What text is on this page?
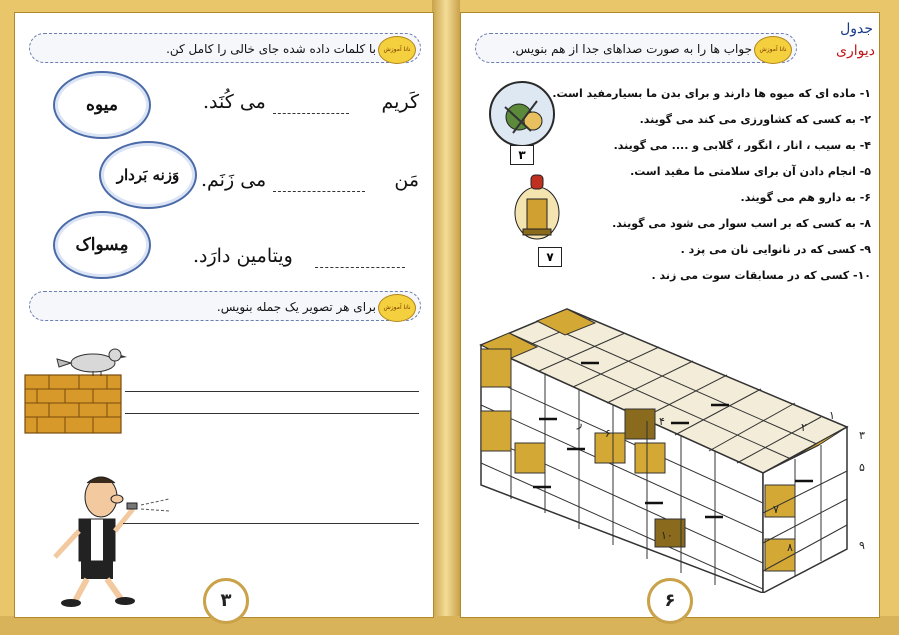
با کلمات داده شده جای خالی را کامل کن.	نانا آموزش
میوه
وَزنه بَردار
مِسواک
کَریم
می کُنَد.
مَن
می زَنَم.
ویتامین دارَد.
برای هر تصویر یک جمله بنویس.	نانا آموزش
۳
جدول
دیواری
جواب ها را به صورت صداهای جدا از هم بنویس.	نانا آموزش
۱- ماده ای که میوه ها دارند و برای بدن ما بسیارمفید است.
۲- به کسی که کشاورزی می کند می گویند.
۴- به سیب ، انار ، انگور ، گلابی و .... می گویند.
۵- انجام دادن آن برای سلامتی ما مفید است.
۶- به دارو هم می گویند.
۸- به کسی که بر اسب سوار می شود می گویند.
۹- کسی که در نانوایی نان می پزد .
۱۰- کسی که در مسابقات سوت می زند .
۳
۷
ر
۱
۲
۳
۴
۵
۶
۷
۸	۹
۱۰
۶
